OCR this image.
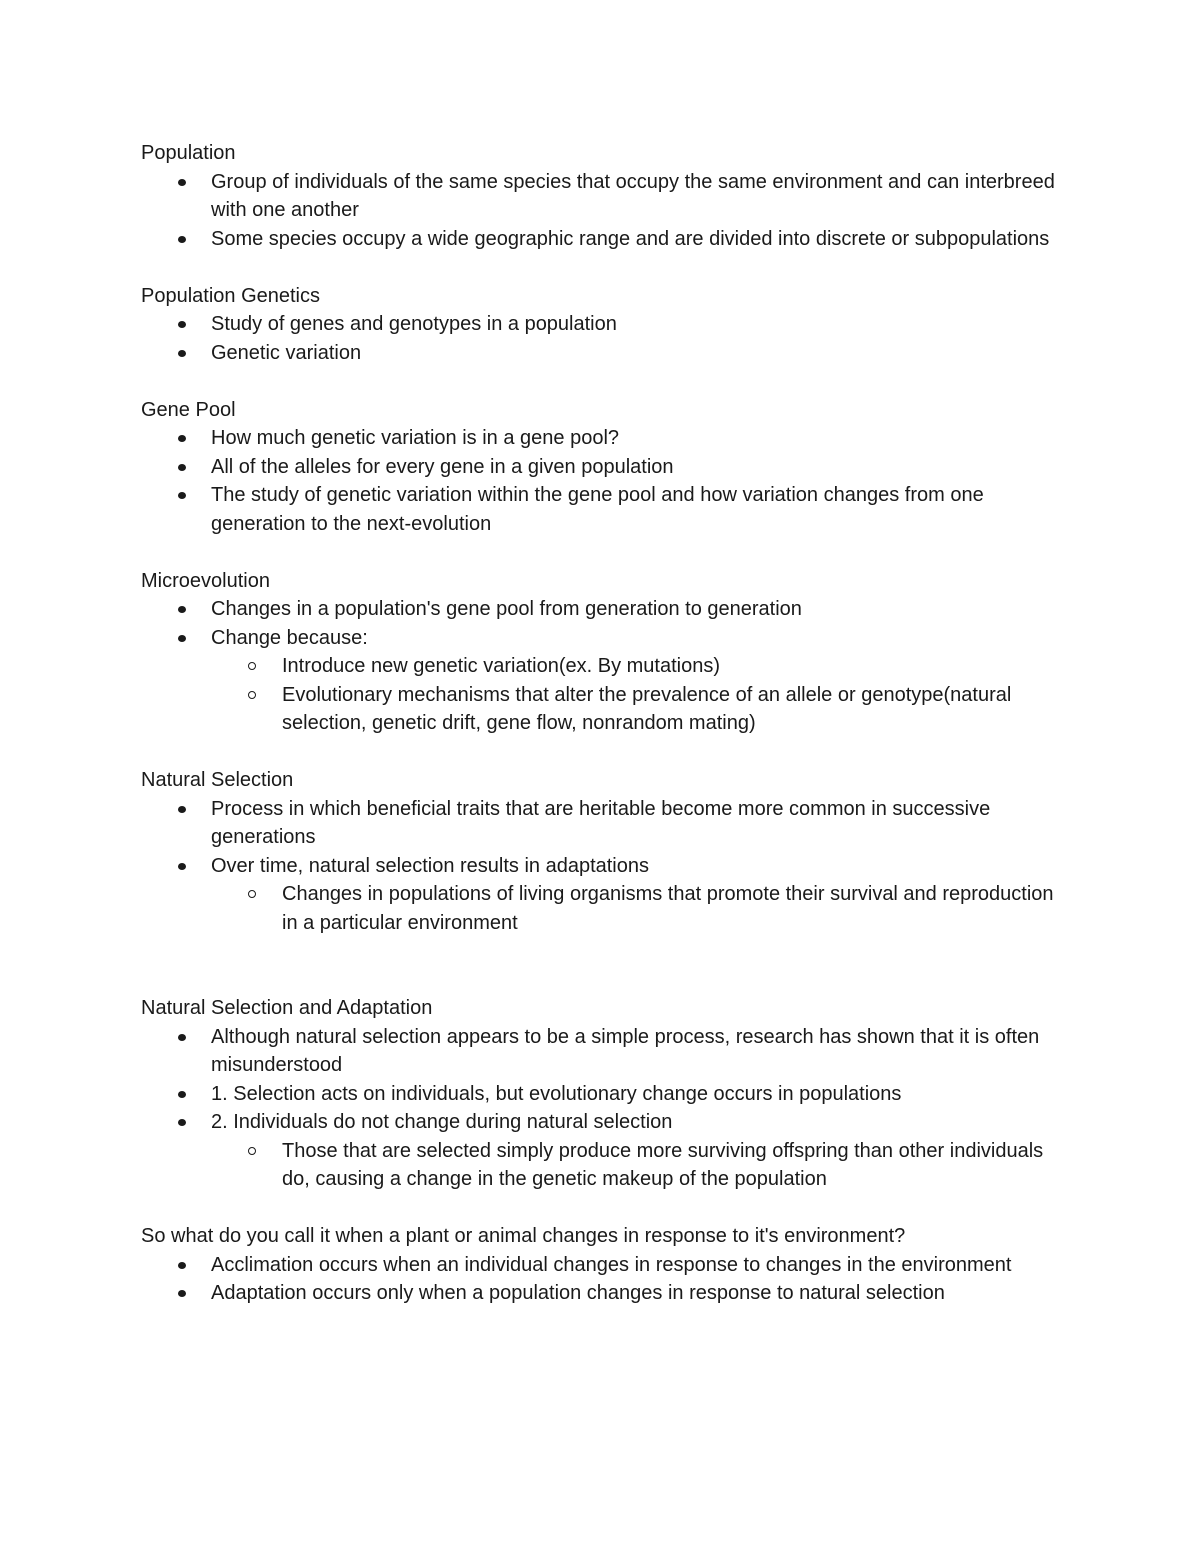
Population

Group of individuals of the same species that occupy the same environment and can interbreed with one another
Some species occupy a wide geographic range and are divided into discrete or subpopulations

Population Genetics

Study of genes and genotypes in a population
Genetic variation

Gene Pool

How much genetic variation is in a gene pool?
All of the alleles for every gene in a given population
The study of genetic variation within the gene pool and how variation changes from one generation to the next-evolution

Microevolution

Changes in a population's gene pool from generation to generation
Change because:
Introduce new genetic variation(ex. By mutations)
Evolutionary mechanisms that alter the prevalence of an allele or genotype(natural selection, genetic drift, gene flow, nonrandom mating)

Natural Selection

Process in which beneficial traits that are heritable become more common in successive generations
Over time, natural selection results in adaptations
Changes in populations of living organisms that promote their survival and reproduction in a particular environment

Natural Selection and Adaptation

Although natural selection appears to be a simple process, research has shown that it is often misunderstood
1. Selection acts on individuals, but evolutionary change occurs in populations
2. Individuals do not change during natural selection
Those that are selected simply produce more surviving offspring than other individuals do, causing a change in the genetic makeup of the population

So what do you call it when a plant or animal changes in response to it's environment?

Acclimation occurs when an individual changes in response to changes in the environment
Adaptation occurs only when a population changes in response to natural selection
